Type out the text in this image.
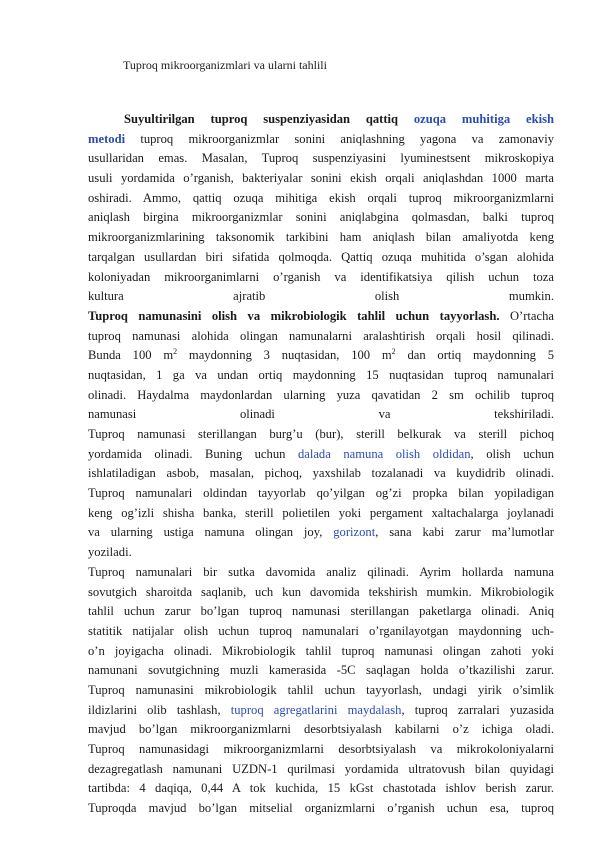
Tuproq mikroorganizmlari va ularni tahlili
Suyultirilgan tuproq suspenziyasidan qattiq ozuqa muhitiga ekish
metodi tuproq mikroorganizmlar sonini aniqlashning yagona va zamonaviy
usullaridan emas. Masalan, Tuproq suspenziyasini lyuminestsent mikroskopiya
usuli yordamida o’rganish, bakteriyalar sonini ekish orqali aniqlashdan 1000 marta
oshiradi. Ammo, qattiq ozuqa mihitiga ekish orqali tuproq mikroorganizmlarni
aniqlash birgina mikroorganizmlar sonini aniqlabgina qolmasdan, balki tuproq
mikroorganizmlarining taksonomik tarkibini ham aniqlash bilan amaliyotda keng
tarqalgan usullardan biri sifatida qolmoqda. Qattiq ozuqa muhitida o’sgan alohida
koloniyadan mikroorganimlarni o’rganish va identifikatsiya qilish uchun toza
kultura ajratib olish mumkin.
Tuproq namunasini olish va mikrobiologik tahlil uchun tayyorlash. O’rtacha
tuproq namunasi alohida olingan namunalarni aralashtirish orqali hosil qilinadi.
Bunda 100 $m^2$ maydonning 3 nuqtasidan, 100 $m^2$ dan ortiq maydonning 5
nuqtasidan, 1 ga va undan ortiq maydonning 15 nuqtasidan tuproq namunalari
olinadi. Haydalma maydonlardan ularning yuza qavatidan 2 sm ochilib tuproq
namunasi olinadi va tekshiriladi.
Tuproq namunasi sterillangan burg’u (bur), sterill belkurak va sterill pichoq
yordamida olinadi. Buning uchun dalada namuna olish oldidan, olish uchun
ishlatiladigan asbob, masalan, pichoq, yaxshilab tozalanadi va kuydidrib olinadi.
Tuproq namunalari oldindan tayyorlab qo’yilgan og’zi propka bilan yopiladigan
keng og’izli shisha banka, sterill polietilen yoki pergament xaltachalarga joylanadi
va ularning ustiga namuna olingan joy, gorizont, sana kabi zarur ma’lumotlar
yoziladi.
Tuproq namunalari bir sutka davomida analiz qilinadi. Ayrim hollarda namuna
sovutgich sharoitda saqlanib, uch kun davomida tekshirish mumkin. Mikrobiologik
tahlil uchun zarur bo’lgan tuproq namunasi sterillangan paketlarga olinadi. Aniq
statitik natijalar olish uchun tuproq namunalari o’rganilayotgan maydonning uch-
o’n joyigacha olinadi. Mikrobiologik tahlil tuproq namunasi olingan zahoti yoki
namunani sovutgichning muzli kamerasida -5C saqlagan holda o’tkazilishi zarur.
Tuproq namunasini mikrobiologik tahlil uchun tayyorlash, undagi yirik o’simlik
ildizlarini olib tashlash, tuproq agregatlarini maydalash, tuproq zarralari yuzasida
mavjud bo’lgan mikroorganizmlarni desorbtsiyalash kabilarni o’z ichiga oladi.
Tuproq namunasidagi mikroorganizmlarni desorbtsiyalash va mikrokoloniyalarni
dezagregatlash namunani UZDN-1 qurilmasi yordamida ultratovush bilan quyidagi
tartibda: 4 daqiqa, 0,44 A tok kuchida, 15 kGst chastotada ishlov berish zarur.
Tuproqda mavjud bo’lgan mitselial organizmlarni o’rganish uchun esa, tuproq
